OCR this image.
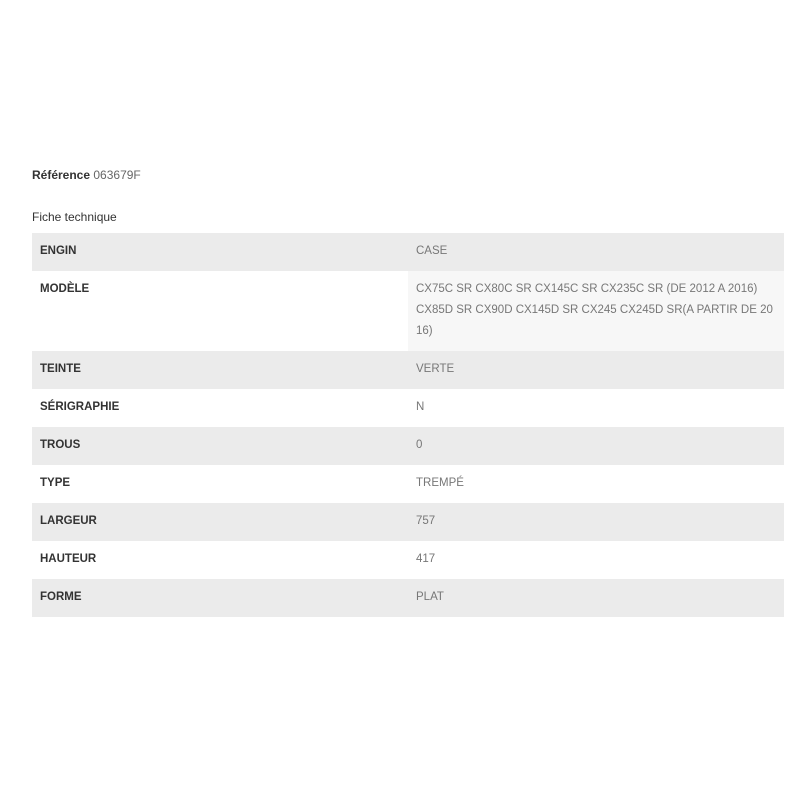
Référence 063679F

Fiche technique
ENGIN	CASE
MODÈLE	CX75C SR CX80C SR CX145C SR CX235C SR (DE 2012 A 2016)
CX85D SR CX90D CX145D SR CX245 CX245D SR(A PARTIR DE 20
16)
TEINTE	VERTE
SÉRIGRAPHIE	N
TROUS	0
TYPE	TREMPÉ
LARGEUR	757
HAUTEUR	417
FORME	PLAT
